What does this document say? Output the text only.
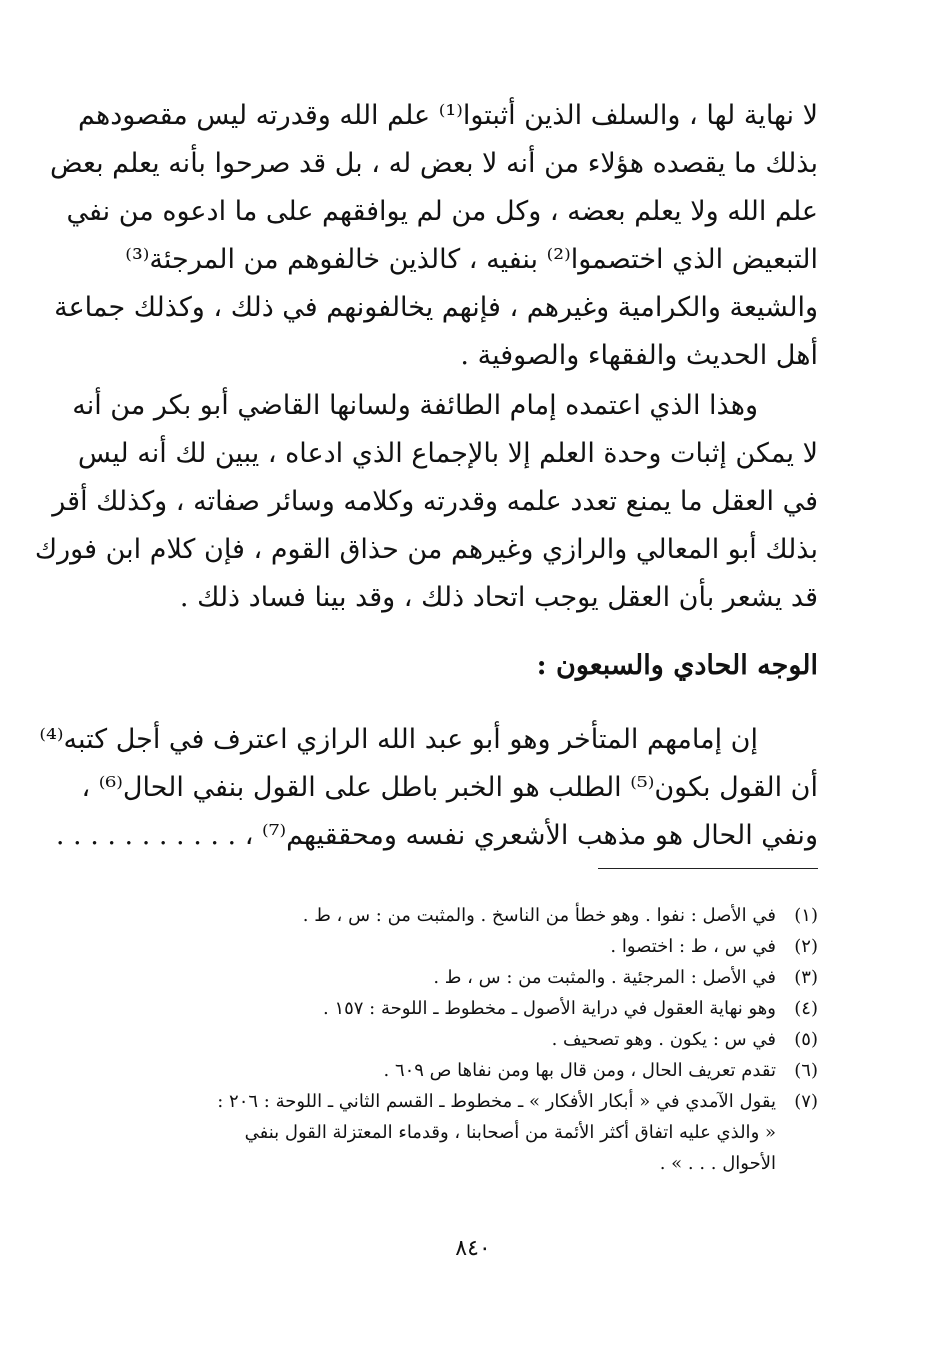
لا نهاية لها ، والسلف الذين أثبتوا⁽¹⁾ علم الله وقدرته ليس مقصودهم
بذلك ما يقصده هؤلاء من أنه لا بعض له ، بل قد صرحوا بأنه يعلم بعض
علم الله ولا يعلم بعضه ، وكل من لم يوافقهم على ما ادعوه من نفي
التبعيض الذي اختصموا⁽²⁾ بنفيه ، كالذين خالفوهم من المرجئة⁽³⁾
والشيعة والكرامية وغيرهم ، فإنهم يخالفونهم في ذلك ، وكذلك جماعة
أهل الحديث والفقهاء والصوفية .
وهذا الذي اعتمده إمام الطائفة ولسانها القاضي أبو بكر من أنه
لا يمكن إثبات وحدة العلم إلا بالإجماع الذي ادعاه ، يبين لك أنه ليس
في العقل ما يمنع تعدد علمه وقدرته وكلامه وسائر صفاته ، وكذلك أقر
بذلك أبو المعالي والرازي وغيرهم من حذاق القوم ، فإن كلام ابن فورك
قد يشعر بأن العقل يوجب اتحاد ذلك ، وقد بينا فساد ذلك .
الوجه الحادي والسبعون :
إن إمامهم المتأخر وهو أبو عبد الله الرازي اعترف في أجل كتبه⁽⁴⁾
أن القول بكون⁽⁵⁾ الطلب هو الخبر باطل على القول بنفي الحال⁽⁶⁾ ،
ونفي الحال هو مذهب الأشعري نفسه ومحققيهم⁽⁷⁾ ، . . . . . . . . . . .
(١)
في الأصل : نفوا . وهو خطأ من الناسخ . والمثبت من : س ، ط .
(٢)
في س ، ط : اختصوا .
(٣)
في الأصل : المرجئية . والمثبت من : س ، ط .
(٤)
وهو نهاية العقول في دراية الأصول ـ مخطوط ـ اللوحة : ١٥٧ .
(٥)
في س : يكون . وهو تصحيف .
(٦)
تقدم تعريف الحال ، ومن قال بها ومن نفاها ص ٦٠٩ .
(٧)
يقول الآمدي في « أبكار الأفكار » ـ مخطوط ـ القسم الثاني ـ اللوحة : ٢٠٦ :
« والذي عليه اتفاق أكثر الأئمة من أصحابنا ، وقدماء المعتزلة القول بنفي
الأحوال . . . » .
٨٤٠
